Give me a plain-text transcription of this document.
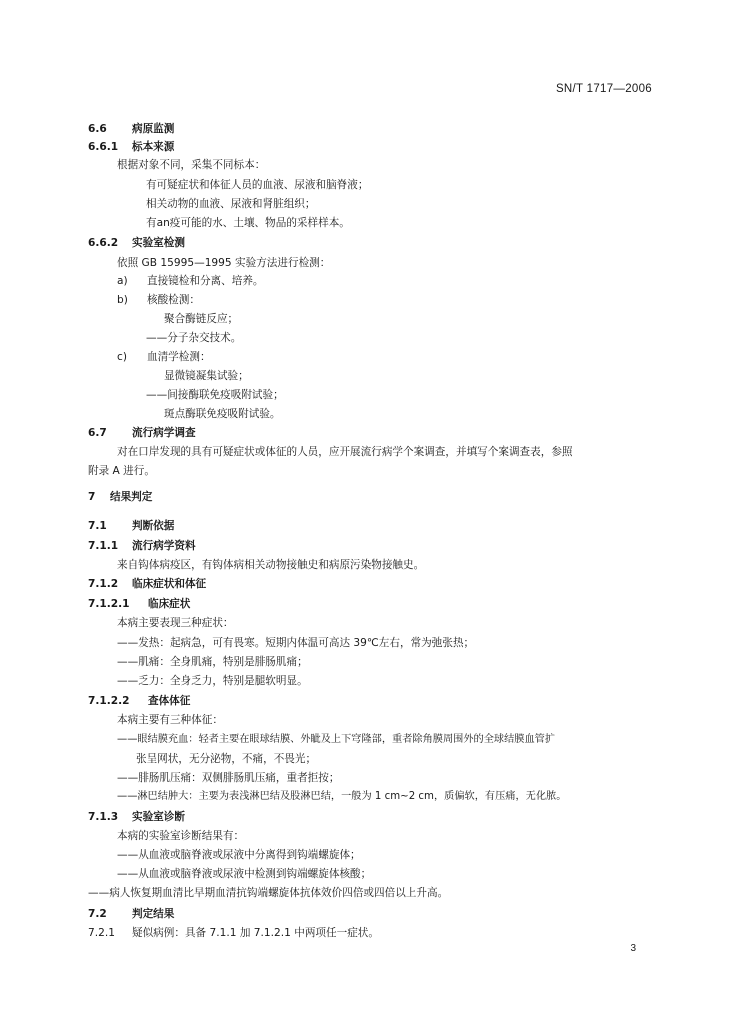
SN/T 1717—2006
6.6 病原监测
6.6.1 标本来源
根据对象不同，采集不同标本：
有可疑症状和体征人员的血液、尿液和脑脊液；
相关动物的血液、尿液和肾脏组织；
有an疫可能的水、土壤、物品的采样样本。
6.6.2 实验室检测
依照 GB 15995—1995 实验方法进行检测：
a) 直接镜检和分离、培养。
b) 核酸检测：
聚合酶链反应；
——分子杂交技术。
c) 血清学检测：
显微镜凝集试验；
——间接酶联免疫吸附试验；
斑点酶联免疫吸附试验。
6.7 流行病学调查
对在口岸发现的具有可疑症状或体征的人员，应开展流行病学个案调查，并填写个案调查表，参照
附录 A 进行。
7 结果判定
7.1 判断依据
7.1.1 流行病学资料
来自钩体病疫区，有钩体病相关动物接触史和病原污染物接触史。
7.1.2 临床症状和体征
7.1.2.1 临床症状
本病主要表现三种症状：
——发热：起病急，可有畏寒。短期内体温可高达 39℃左右，常为弛张热；
——肌痛：全身肌痛，特别是腓肠肌痛；
——乏力：全身乏力，特别是腿软明显。
7.1.2.2 查体体征
本病主要有三种体征：
——眼结膜充血：轻者主要在眼球结膜、外眦及上下穹隆部，重者除角膜周围外的全球结膜血管扩
张呈网状，无分泌物，不痛，不畏光；
——腓肠肌压痛：双侧腓肠肌压痛，重者拒按；
——淋巴结肿大：主要为表浅淋巴结及股淋巴结，一般为 1 cm~2 cm，质偏软，有压痛，无化脓。
7.1.3 实验室诊断
本病的实验室诊断结果有：
——从血液或脑脊液或尿液中分离得到钩端螺旋体；
——从血液或脑脊液或尿液中检测到钩端螺旋体核酸；
——病人恢复期血清比早期血清抗钩端螺旋体抗体效价四倍或四倍以上升高。
7.2 判定结果
7.2.1 疑似病例：具备 7.1.1 加 7.1.2.1 中两项任一症状。
3
